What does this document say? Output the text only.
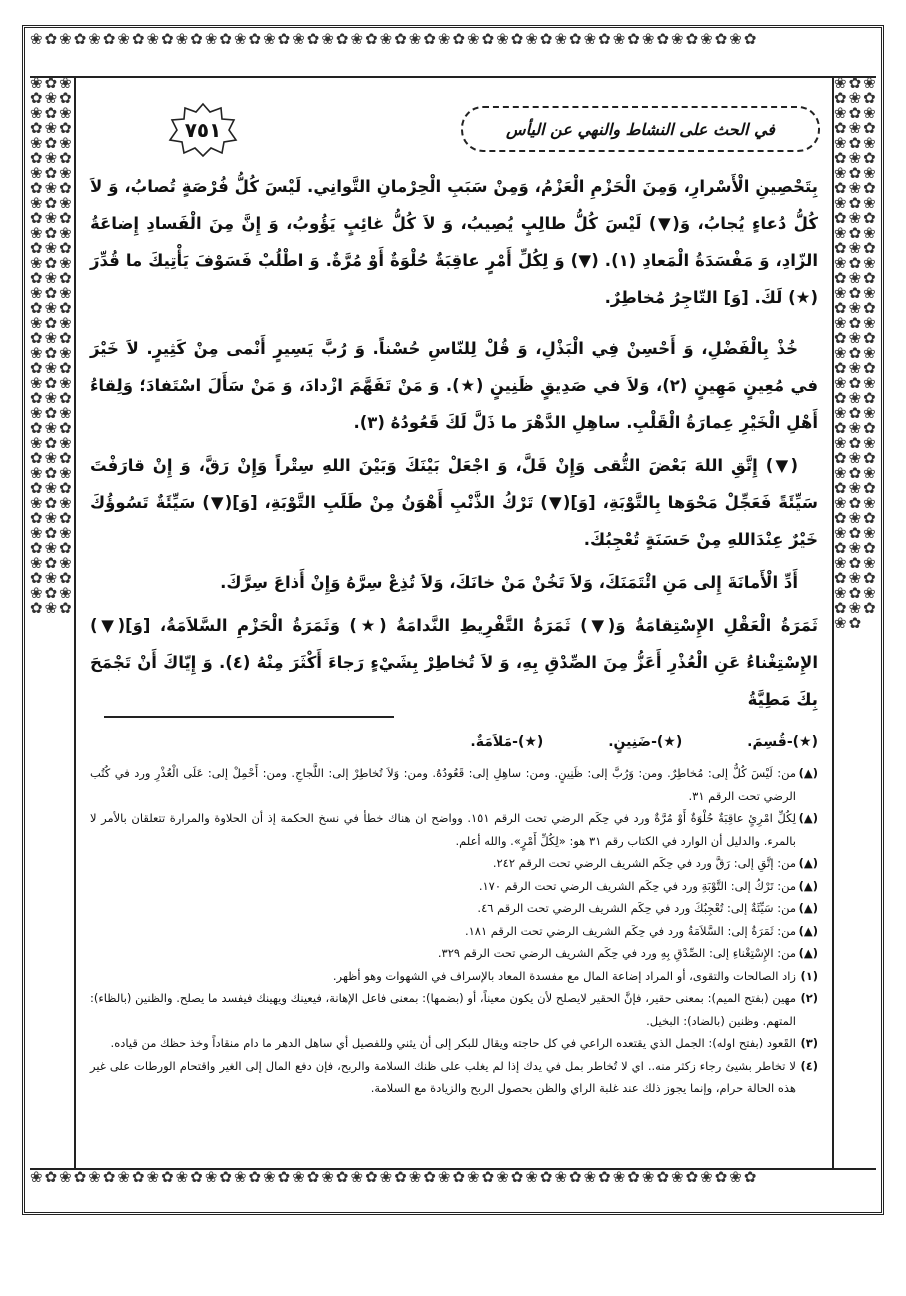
❀✿❀✿❀✿❀✿❀✿❀✿❀✿❀✿❀✿❀✿❀✿❀✿❀✿❀✿❀✿❀✿❀✿❀✿❀✿❀✿❀✿❀✿❀✿❀✿❀✿
❀✿❀✿❀✿❀✿❀✿❀✿❀✿❀✿❀✿❀✿❀✿❀✿❀✿❀✿❀✿❀✿❀✿❀✿❀✿❀✿❀✿❀✿❀✿❀✿❀✿
❀✿❀✿❀✿❀✿❀✿❀✿❀✿❀✿❀✿❀✿❀✿❀✿❀✿❀✿❀✿❀✿❀✿❀✿❀✿❀✿❀✿❀✿❀✿❀✿❀✿❀✿❀✿❀✿❀✿❀✿❀✿❀✿❀✿❀✿❀✿❀✿❀✿❀✿❀✿❀✿❀✿❀✿❀✿❀✿❀✿❀✿❀✿❀✿❀✿❀✿❀✿❀✿❀✿❀✿
❀✿❀✿❀✿❀✿❀✿❀✿❀✿❀✿❀✿❀✿❀✿❀✿❀✿❀✿❀✿❀✿❀✿❀✿❀✿❀✿❀✿❀✿❀✿❀✿❀✿❀✿❀✿❀✿❀✿❀✿❀✿❀✿❀✿❀✿❀✿❀✿❀✿❀✿❀✿❀✿❀✿❀✿❀✿❀✿❀✿❀✿❀✿❀✿❀✿❀✿❀✿❀✿❀✿❀✿❀✿
في الحث على النشاط والنهي عن اليأس
٧٥١

بِتَحْصِينِ الْأَسْرارِ، وَمِنَ الْحَزْمِ الْعَزْمُ، وَمِنْ سَبَبِ الْحِرْمانِ التَّوانِي. لَيْسَ كُلُّ فُرْصَةٍ تُصابُ، وَ لاَ كُلُّ دُعاءٍ يُجابُ، وَ(▼) لَيْسَ كُلُّ طالِبٍ يُصِيبُ، وَ لاَ كُلُّ غائِبٍ يَؤُوبُ، وَ إِنَّ مِنَ الْفَسادِ إِضاعَةُ الزّادِ، وَ مَفْسَدَةُ الْمَعادِ (١). (▼) وَ لِكُلِّ أَمْرٍ عاقِبَةٌ حُلْوَةٌ أَوْ مُرَّةٌ. وَ اطْلُبْ فَسَوْفَ يَأْتِيكَ ما قُدِّرَ (★) لَكَ. [وَ] التّاجِرُ مُخاطِرٌ.

خُذْ بِالْفَضْلِ، وَ أَحْسِنْ فِي الْبَذْلِ، وَ قُلْ لِلنّاسِ حُسْناً. وَ رُبَّ يَسِيرٍ أَنْمى مِنْ كَثِيرٍ. لاَ خَيْرَ في مُعِينٍ مَهِينٍ (٢)، وَلاَ في صَدِيقٍ ظَنِينٍ (★). وَ مَنْ تَفَهَّمَ ازْدادَ، وَ مَنْ سَأَلَ اسْتَفادَ؛ وَلِقاءُ أَهْلِ الْخَيْرِ عِمارَةُ الْقَلْبِ. ساهِلِ الدَّهْرَ ما ذَلَّ لَكَ قَعُودُهُ (٣).

(▼) إِتَّقِ اللهَ بَعْضَ التُّقى وَإِنْ قَلَّ، وَ اجْعَلْ بَيْنَكَ وَبَيْنَ اللهِ سِتْراً وَإِنْ رَقَّ، وَ إِنْ قارَفْتَ سَيِّئَةً فَعَجِّلْ مَحْوَها بِالتَّوْبَةِ، [وَ](▼) تَرْكُ الذَّنْبِ أَهْوَنُ مِنْ طَلَبِ التَّوْبَةِ، [وَ](▼) سَيِّئَةٌ تَسُوؤُكَ خَيْرٌ عِنْدَاللهِ مِنْ حَسَنَةٍ تُعْجِبُكَ.

أَدِّ الْأَمانَةَ إِلى مَنِ ائْتَمَنَكَ، وَلاَ تَخُنْ مَنْ خانَكَ، وَلاَ تُذِعْ سِرَّهُ وَإِنْ أَذاعَ سِرَّكَ.

ثَمَرَةُ الْعَقْلِ الإِسْتِقامَةُ وَ(▼) ثَمَرَةُ التَّفْرِيطِ النَّدامَةُ (★) وَثَمَرَةُ الْحَزْمِ السَّلاَمَةُ، [وَ](▼) الإِسْتِغْناءُ عَنِ الْعُذْرِ أَعَزُّ مِنَ الصِّدْقِ بِهِ، وَ لاَ تُخاطِرْ بِشَيْءٍ رَجاءَ أَكْثَرَ مِنْهُ (٤). وَ إِيّاكَ أَنْ تَجْمَحَ بِكَ مَطِيَّةُ

(★)-قُسِمَ. (★)-ضَنِينٍ. (★)-مَلاَمَةٌ.

(▲)من: لَيْسَ كُلُّ إلى: مُخاطِرٌ. ومن: وَرُبَّ إلى: ظَنِينٍ. ومن: ساهِلِ إلى: قَعُودُهُ. ومن: وَلاَ تُخاطِرْ إلى: اللَّجاجِ. ومن: أَحْمِلْ إلى: عَلَى الْعُذْرِ ورد في كُتُب الرضي تحت الرقم ٣١.

(▲)لِكُلِّ امْرِئٍ عاقِبَةٌ حُلْوَةٌ أَوْ مُرَّةٌ ورد في حِكَم الرضي تحت الرقم ١٥١. وواضح ان هناك خطأ في نسخ الحكمة إذ أن الحلاوة والمرارة تتعلقان بالأمر لا بالمرء. والدليل أن الوارد في الكتاب رقم ٣١ هو: «لِكُلِّ أَمْرٍ». والله أعلم.

(▲)من: إتَّقِ إلى: رَقَّ ورد في حِكَم الشريف الرضي تحت الرقم ٢٤٢.

(▲)من: تَرْكُ إلى: التَّوْبَةِ ورد في حِكَم الشريف الرضي تحت الرقم ١٧٠.

(▲)من: سَيِّئَةٌ إلى: تُعْجِبُكَ ورد في حِكَم الشريف الرضي تحت الرقم ٤٦.

(▲)من: ثَمَرَةُ إلى: السَّلاَمَةُ ورد في حِكَم الشريف الرضي تحت الرقم ١٨١.

(▲)من: الإِسْتِغْناءِ إلى: الصِّدْقِ بِهِ ورد في حِكَم الشريف الرضي تحت الرقم ٣٢٩.

(١)زاد الصالحات والتقوى، أو المراد إضاعة المال مع مفسدة المعاد بالإسراف في الشهوات وهو أظهر.

(٢)مهين (بفتح الميم): بمعنى حقير، فإنَّ الحقير لايصلح لأن يكون معيناً، أو (بضمها): بمعنى فاعل الإهانة، فيعينك ويهينك فيفسد ما يصلح. والظنين (بالظاء): المتهم. وظنين (بالضاد): البخيل.

(٣)القَعود (بفتح اوله): الجمل الذي يقتعده الراعي في كل حاجته ويقال للبكر إلى أن يثني وللفصيل أي ساهل الدهر ما دام منقاداً وخذ حظك من قياده.

(٤)لا تخاطر بشيئ رجاء زكثر منه.. اي لا تُخاطر بمل في يدك إذا لم يغلب على ظنك السلامة والربح، فإن دفع المال إلى الغير واقتحام الورطات على غير هذه الحالة حرام، وإنما يجوز ذلك عند غلبة الراي والظن بحصول الربح والزيادة مع السلامة.
